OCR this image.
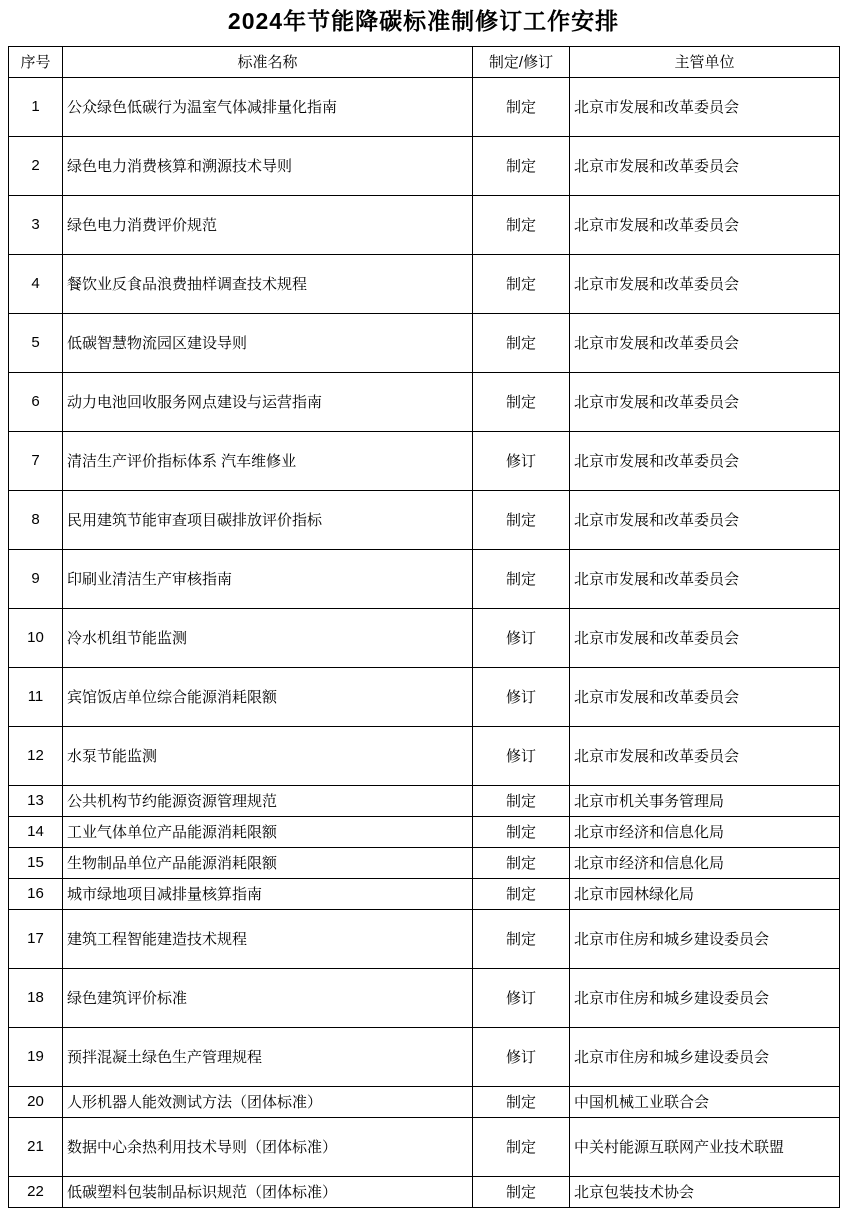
2024年节能降碳标准制修订工作安排
序号	标准名称	制定/修订	主管单位
1	公众绿色低碳行为温室气体减排量化指南	制定	北京市发展和改革委员会
2	绿色电力消费核算和溯源技术导则	制定	北京市发展和改革委员会
3	绿色电力消费评价规范	制定	北京市发展和改革委员会
4	餐饮业反食品浪费抽样调查技术规程	制定	北京市发展和改革委员会
5	低碳智慧物流园区建设导则	制定	北京市发展和改革委员会
6	动力电池回收服务网点建设与运营指南	制定	北京市发展和改革委员会
7	清洁生产评价指标体系 汽车维修业	修订	北京市发展和改革委员会
8	民用建筑节能审查项目碳排放评价指标	制定	北京市发展和改革委员会
9	印刷业清洁生产审核指南	制定	北京市发展和改革委员会
10	冷水机组节能监测	修订	北京市发展和改革委员会
11	宾馆饭店单位综合能源消耗限额	修订	北京市发展和改革委员会
12	水泵节能监测	修订	北京市发展和改革委员会
13	公共机构节约能源资源管理规范	制定	北京市机关事务管理局
14	工业气体单位产品能源消耗限额	制定	北京市经济和信息化局
15	生物制品单位产品能源消耗限额	制定	北京市经济和信息化局
16	城市绿地项目减排量核算指南	制定	北京市园林绿化局
17	建筑工程智能建造技术规程	制定	北京市住房和城乡建设委员会
18	绿色建筑评价标准	修订	北京市住房和城乡建设委员会
19	预拌混凝土绿色生产管理规程	修订	北京市住房和城乡建设委员会
20	人形机器人能效测试方法（团体标准）	制定	中国机械工业联合会
21	数据中心余热利用技术导则（团体标准）	制定	中关村能源互联网产业技术联盟
22	低碳塑料包装制品标识规范（团体标准）	制定	北京包装技术协会
